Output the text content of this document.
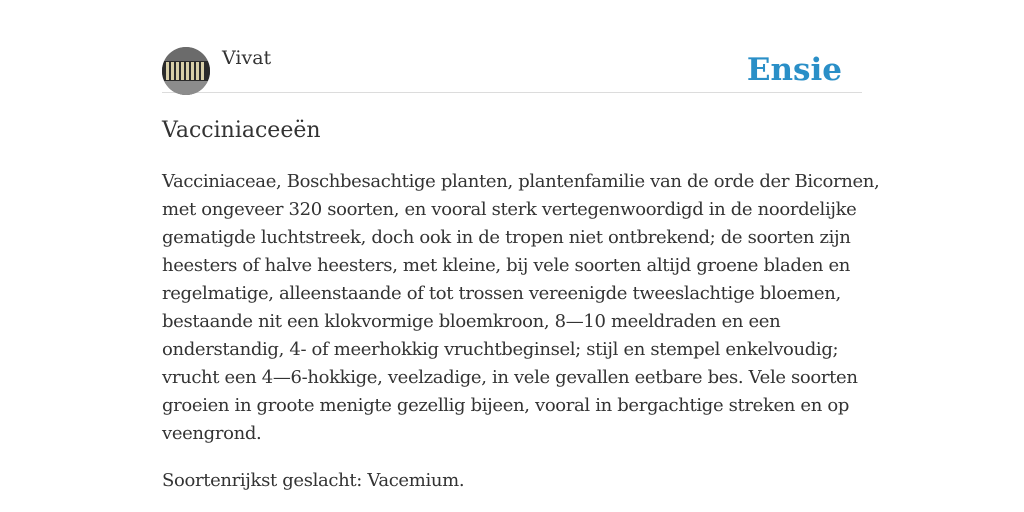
Vivat	Ensie
Vacciniaceeën

Vacciniaceae, Boschbesachtige planten, plantenfamilie van de orde der Bicornen,
met ongeveer 320 soorten, en vooral sterk vertegenwoordigd in de noordelijke
gematigde luchtstreek, doch ook in de tropen niet ontbrekend; de soorten zijn
heesters of halve heesters, met kleine, bij vele soorten altijd groene bladen en
regelmatige, alleenstaande of tot trossen vereenigde tweeslachtige bloemen,
bestaande nit een klokvormige bloemkroon, 8—10 meeldraden en een
onderstandig, 4- of meerhokkig vruchtbeginsel; stijl en stempel enkelvoudig;
vrucht een 4—6-hokkige, veelzadige, in vele gevallen eetbare bes. Vele soorten
groeien in groote menigte gezellig bijeen, vooral in bergachtige streken en op
veengrond.

Soortenrijkst geslacht: Vacemium.
